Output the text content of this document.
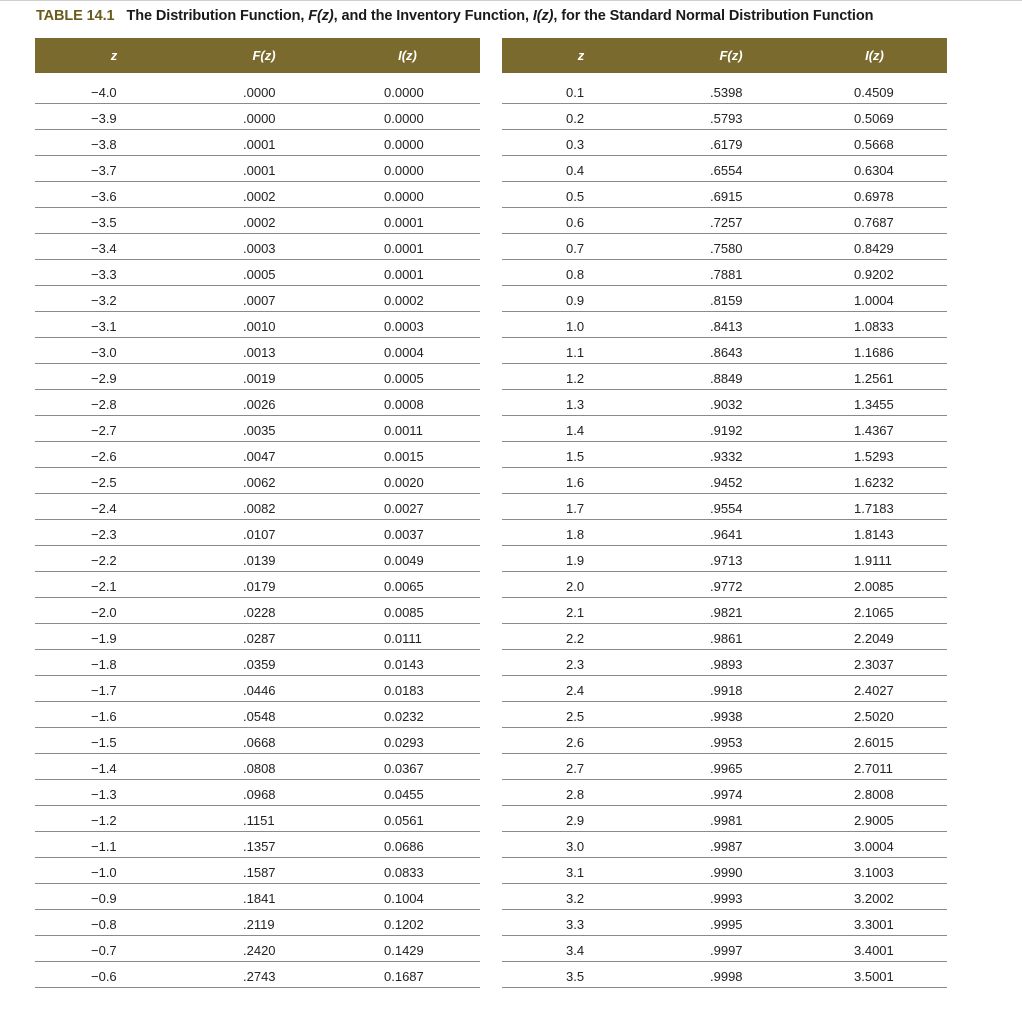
TABLE 14.1 The Distribution Function, F(z), and the Inventory Function, I(z), for the Standard Normal Distribution Function
z	F(z)	I(z)
−4.0	.0000	0.0000
−3.9	.0000	0.0000
−3.8	.0001	0.0000
−3.7	.0001	0.0000
−3.6	.0002	0.0000
−3.5	.0002	0.0001
−3.4	.0003	0.0001
−3.3	.0005	0.0001
−3.2	.0007	0.0002
−3.1	.0010	0.0003
−3.0	.0013	0.0004
−2.9	.0019	0.0005
−2.8	.0026	0.0008
−2.7	.0035	0.0011
−2.6	.0047	0.0015
−2.5	.0062	0.0020
−2.4	.0082	0.0027
−2.3	.0107	0.0037
−2.2	.0139	0.0049
−2.1	.0179	0.0065
−2.0	.0228	0.0085
−1.9	.0287	0.0111
−1.8	.0359	0.0143
−1.7	.0446	0.0183
−1.6	.0548	0.0232
−1.5	.0668	0.0293
−1.4	.0808	0.0367
−1.3	.0968	0.0455
−1.2	.1151	0.0561
−1.1	.1357	0.0686
−1.0	.1587	0.0833
−0.9	.1841	0.1004
−0.8	.2119	0.1202
−0.7	.2420	0.1429
−0.6	.2743	0.1687
z	F(z)	I(z)
0.1	.5398	0.4509
0.2	.5793	0.5069
0.3	.6179	0.5668
0.4	.6554	0.6304
0.5	.6915	0.6978
0.6	.7257	0.7687
0.7	.7580	0.8429
0.8	.7881	0.9202
0.9	.8159	1.0004
1.0	.8413	1.0833
1.1	.8643	1.1686
1.2	.8849	1.2561
1.3	.9032	1.3455
1.4	.9192	1.4367
1.5	.9332	1.5293
1.6	.9452	1.6232
1.7	.9554	1.7183
1.8	.9641	1.8143
1.9	.9713	1.9111
2.0	.9772	2.0085
2.1	.9821	2.1065
2.2	.9861	2.2049
2.3	.9893	2.3037
2.4	.9918	2.4027
2.5	.9938	2.5020
2.6	.9953	2.6015
2.7	.9965	2.7011
2.8	.9974	2.8008
2.9	.9981	2.9005
3.0	.9987	3.0004
3.1	.9990	3.1003
3.2	.9993	3.2002
3.3	.9995	3.3001
3.4	.9997	3.4001
3.5	.9998	3.5001
